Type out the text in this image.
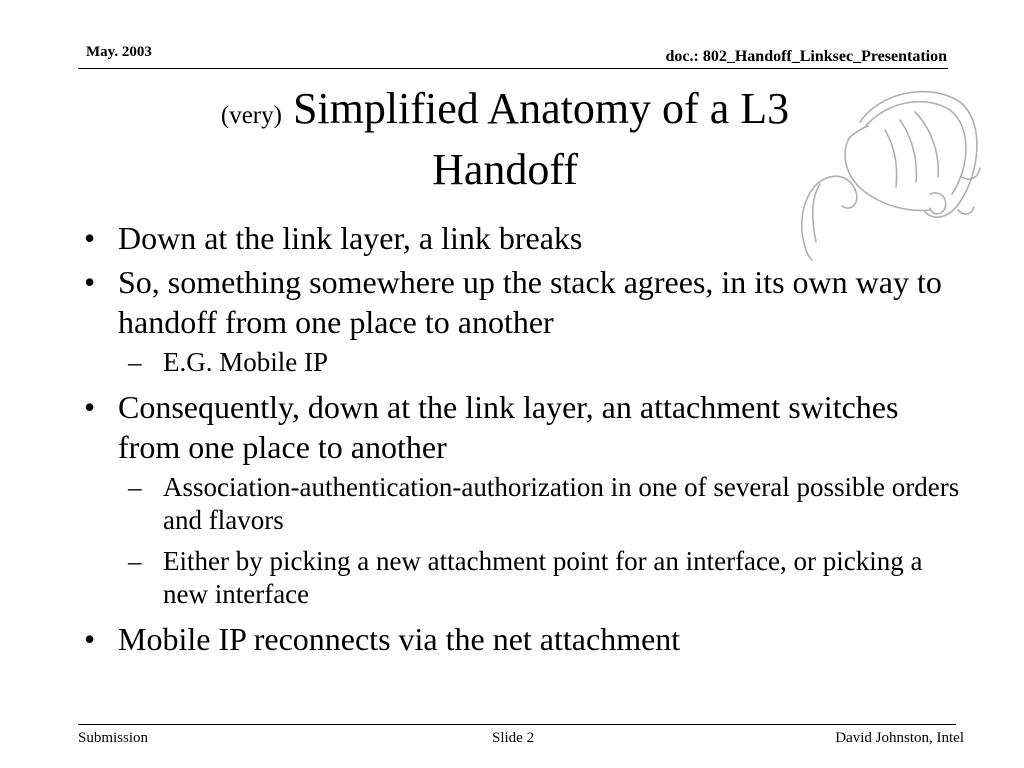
May. 2003	doc.: 802_Handoff_Linksec_Presentation
(very) Simplified Anatomy of a L3
Handoff
• Down at the link layer, a link breaks
• So, something somewhere up the stack agrees, in its own way to handoff from one place to another
– E.G. Mobile IP
• Consequently, down at the link layer, an attachment switches from one place to another
– Association-authentication-authorization in one of several possible orders and flavors
– Either by picking a new attachment point for an interface, or picking a new interface
• Mobile IP reconnects via the net attachment
Submission	Slide 2	David Johnston, Intel
